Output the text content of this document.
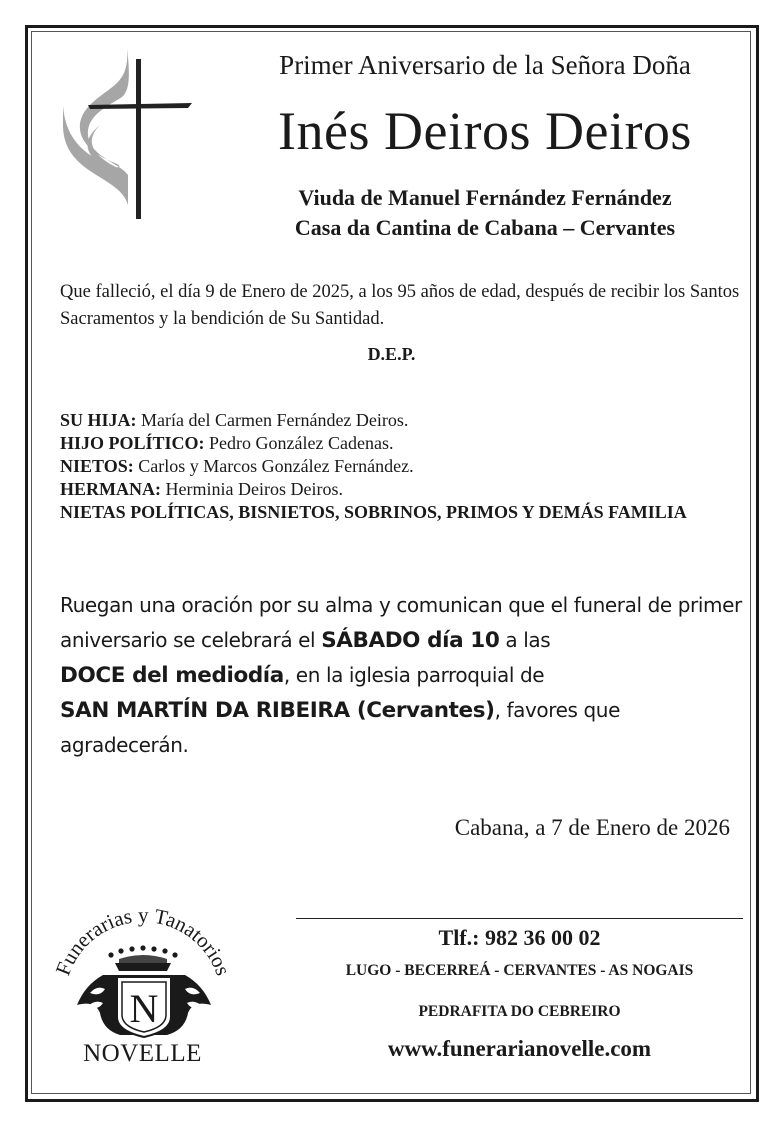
Primer Aniversario de la Señora Doña
Inés Deiros Deiros
Viuda de Manuel Fernández Fernández
Casa da Cantina de Cabana – Cervantes
Que falleció, el día 9 de Enero de 2025, a los 95 años de edad, después de recibir los Santos Sacramentos y la bendición de Su Santidad.
D.E.P.
SU HIJA: María del Carmen Fernández Deiros.
HIJO POLÍTICO: Pedro González Cadenas.
NIETOS: Carlos y Marcos González Fernández.
HERMANA: Herminia Deiros Deiros.
NIETAS POLÍTICAS, BISNIETOS, SOBRINOS, PRIMOS Y DEMÁS FAMILIA
Ruegan una oración por su alma y comunican que el funeral de primer aniversario se celebrará el SÁBADO día 10 a las
DOCE del mediodía, en la iglesia parroquial de
SAN MARTÍN DA RIBEIRA (Cervantes), favores que agradecerán.
Cabana, a 7 de Enero de 2026
Tlf.: 982 36 00 02
LUGO - BECERREÁ - CERVANTES - AS NOGAIS
PEDRAFITA DO CEBREIRO
www.funerarianovelle.com
Funerarias y Tanatorios
N
NOVELLE
